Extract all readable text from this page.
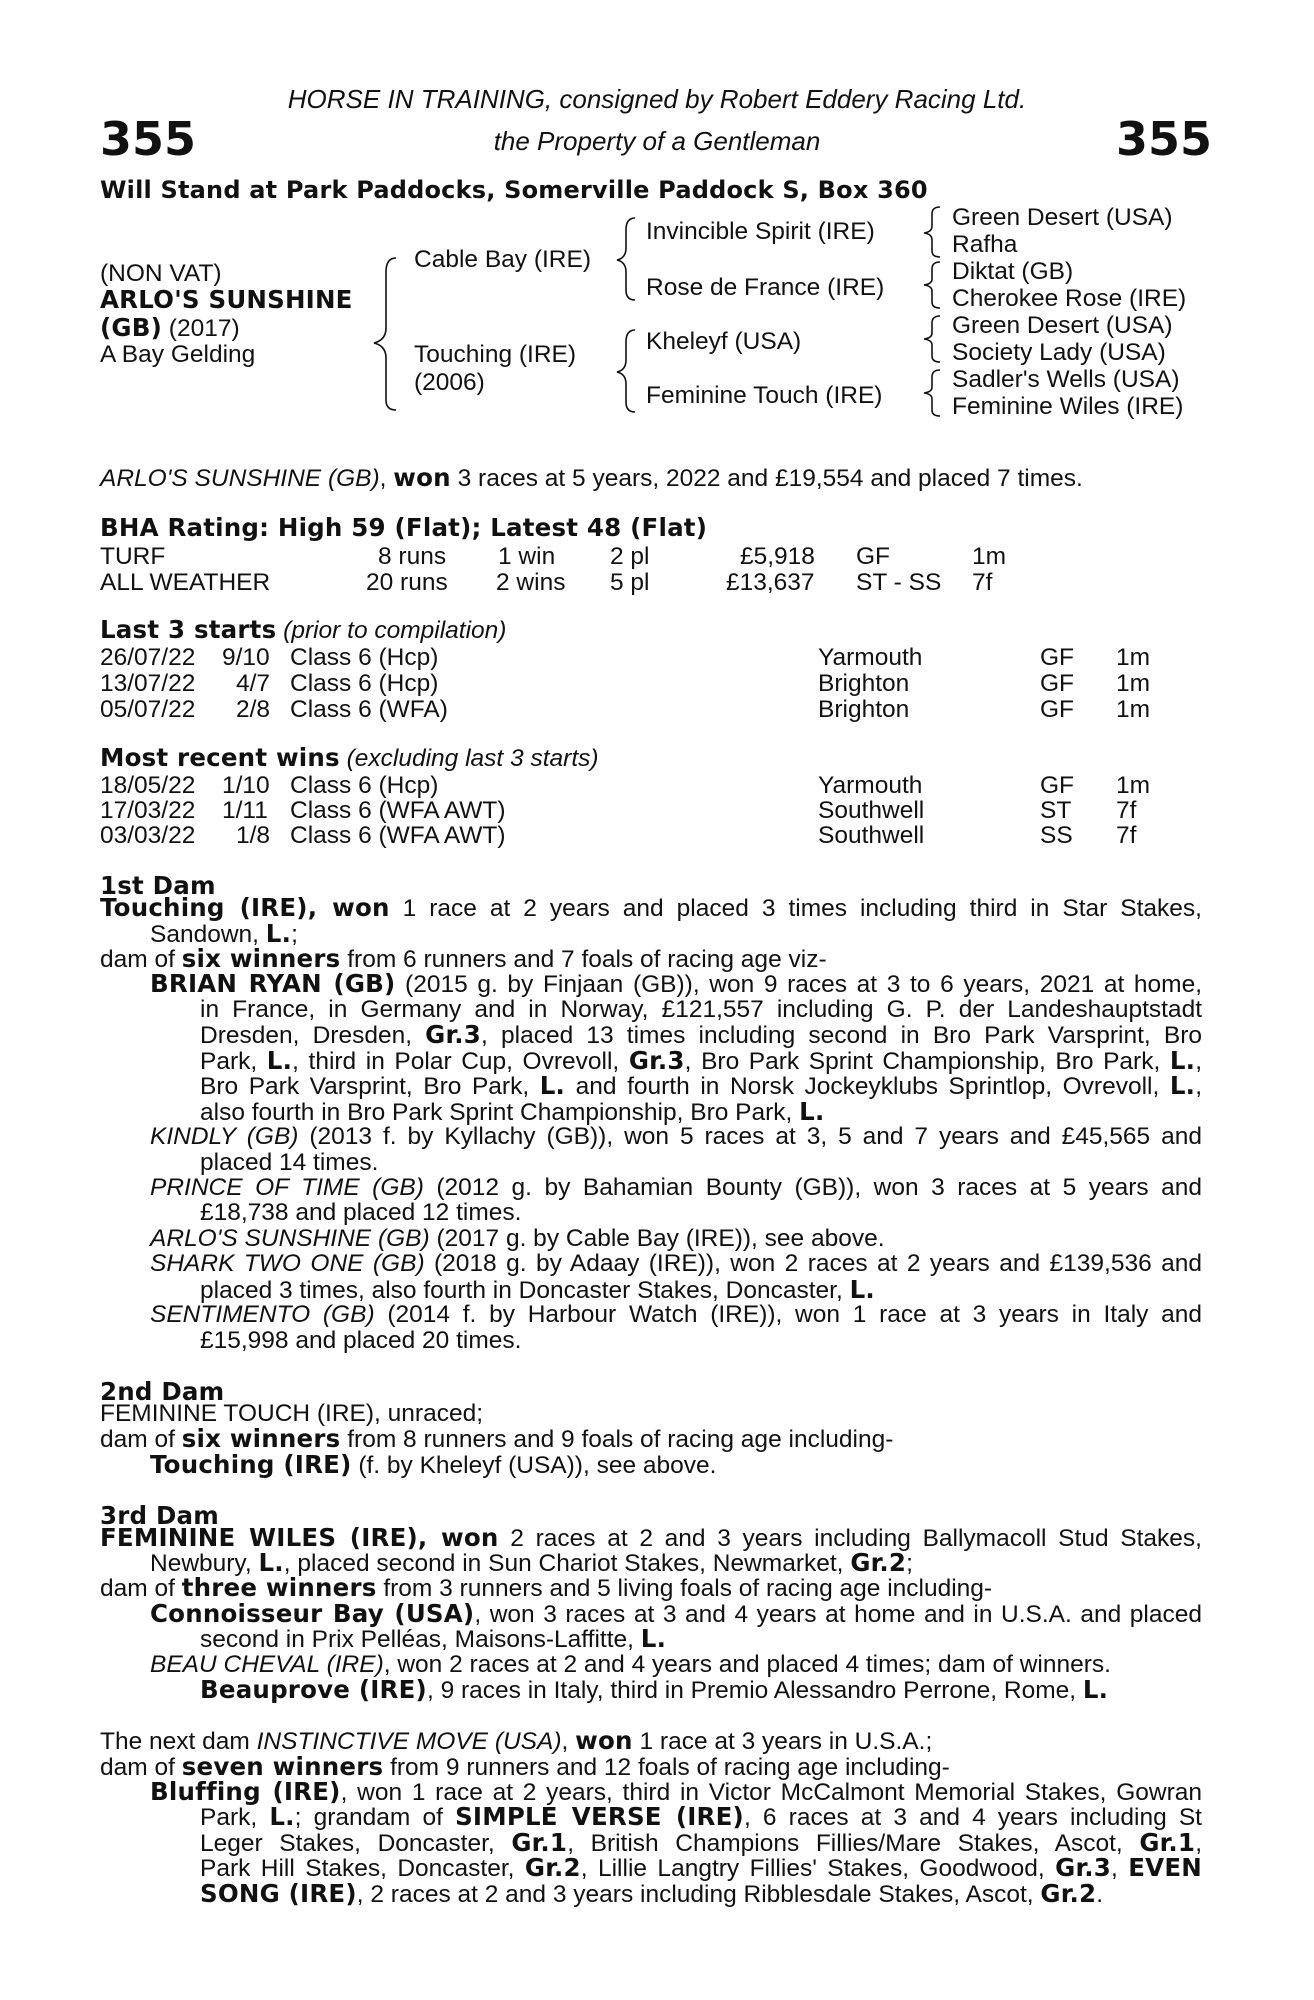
355	355
HORSE IN TRAINING, consigned by Robert Eddery Racing Ltd.
the Property of a Gentleman
Will Stand at Park Paddocks, Somerville Paddock S, Box 360
(NON VAT)
ARLO'S SUNSHINE
(GB) (2017)
A Bay Gelding
Cable Bay (IRE)
Touching (IRE)
(2006)
Invincible Spirit (IRE)
Rose de France (IRE)
Kheleyf (USA)
Feminine Touch (IRE)
Green Desert (USA)
Rafha
Diktat (GB)
Cherokee Rose (IRE)
Green Desert (USA)
Society Lady (USA)
Sadler's Wells (USA)
Feminine Wiles (IRE)
ARLO'S SUNSHINE (GB), won 3 races at 5 years, 2022 and £19,554 and placed 7 times.
BHA Rating: High 59 (Flat); Latest 48 (Flat)
TURF	8 runs 1 win 2 pl	£5,918 GF	1m
ALL WEATHER	20 runs 2 wins 5 pl	£13,637 ST - SS 7f
Last 3 starts (prior to compilation)
26/07/22 9/10 Class 6 (Hcp)	Yarmouth	GF 1m
13/07/22 4/7 Class 6 (Hcp)	Brighton	GF 1m
05/07/22 2/8 Class 6 (WFA)	Brighton	GF 1m
Most recent wins (excluding last 3 starts)
18/05/22 1/10 Class 6 (Hcp)	Yarmouth	GF 1m
17/03/22 1/11 Class 6 (WFA AWT)	Southwell	ST 7f
03/03/22 1/8 Class 6 (WFA AWT)	Southwell	SS 7f
1st Dam
Touching (IRE), won 1 race at 2 years and placed 3 times including third in Star Stakes,
Sandown, L.;
dam of six winners from 6 runners and 7 foals of racing age viz-
BRIAN RYAN (GB) (2015 g. by Finjaan (GB)), won 9 races at 3 to 6 years, 2021 at home,
in France, in Germany and in Norway, £121,557 including G. P. der Landeshauptstadt
Dresden, Dresden, Gr.3, placed 13 times including second in Bro Park Varsprint, Bro
Park, L., third in Polar Cup, Ovrevoll, Gr.3, Bro Park Sprint Championship, Bro Park, L.,
Bro Park Varsprint, Bro Park, L. and fourth in Norsk Jockeyklubs Sprintlop, Ovrevoll, L.,
also fourth in Bro Park Sprint Championship, Bro Park, L.
KINDLY (GB) (2013 f. by Kyllachy (GB)), won 5 races at 3, 5 and 7 years and £45,565 and
placed 14 times.
PRINCE OF TIME (GB) (2012 g. by Bahamian Bounty (GB)), won 3 races at 5 years and
£18,738 and placed 12 times.
ARLO'S SUNSHINE (GB) (2017 g. by Cable Bay (IRE)), see above.
SHARK TWO ONE (GB) (2018 g. by Adaay (IRE)), won 2 races at 2 years and £139,536 and
placed 3 times, also fourth in Doncaster Stakes, Doncaster, L.
SENTIMENTO (GB) (2014 f. by Harbour Watch (IRE)), won 1 race at 3 years in Italy and
£15,998 and placed 20 times.
2nd Dam
FEMININE TOUCH (IRE), unraced;
dam of six winners from 8 runners and 9 foals of racing age including-
Touching (IRE) (f. by Kheleyf (USA)), see above.
3rd Dam
FEMININE WILES (IRE), won 2 races at 2 and 3 years including Ballymacoll Stud Stakes,
Newbury, L., placed second in Sun Chariot Stakes, Newmarket, Gr.2;
dam of three winners from 3 runners and 5 living foals of racing age including-
Connoisseur Bay (USA), won 3 races at 3 and 4 years at home and in U.S.A. and placed
second in Prix Pelléas, Maisons-Laffitte, L.
BEAU CHEVAL (IRE), won 2 races at 2 and 4 years and placed 4 times; dam of winners.
Beauprove (IRE), 9 races in Italy, third in Premio Alessandro Perrone, Rome, L.
The next dam INSTINCTIVE MOVE (USA), won 1 race at 3 years in U.S.A.;
dam of seven winners from 9 runners and 12 foals of racing age including-
Bluffing (IRE), won 1 race at 2 years, third in Victor McCalmont Memorial Stakes, Gowran
Park, L.; grandam of SIMPLE VERSE (IRE), 6 races at 3 and 4 years including St
Leger Stakes, Doncaster, Gr.1, British Champions Fillies/Mare Stakes, Ascot, Gr.1,
Park Hill Stakes, Doncaster, Gr.2, Lillie Langtry Fillies' Stakes, Goodwood, Gr.3, EVEN
SONG (IRE), 2 races at 2 and 3 years including Ribblesdale Stakes, Ascot, Gr.2.
